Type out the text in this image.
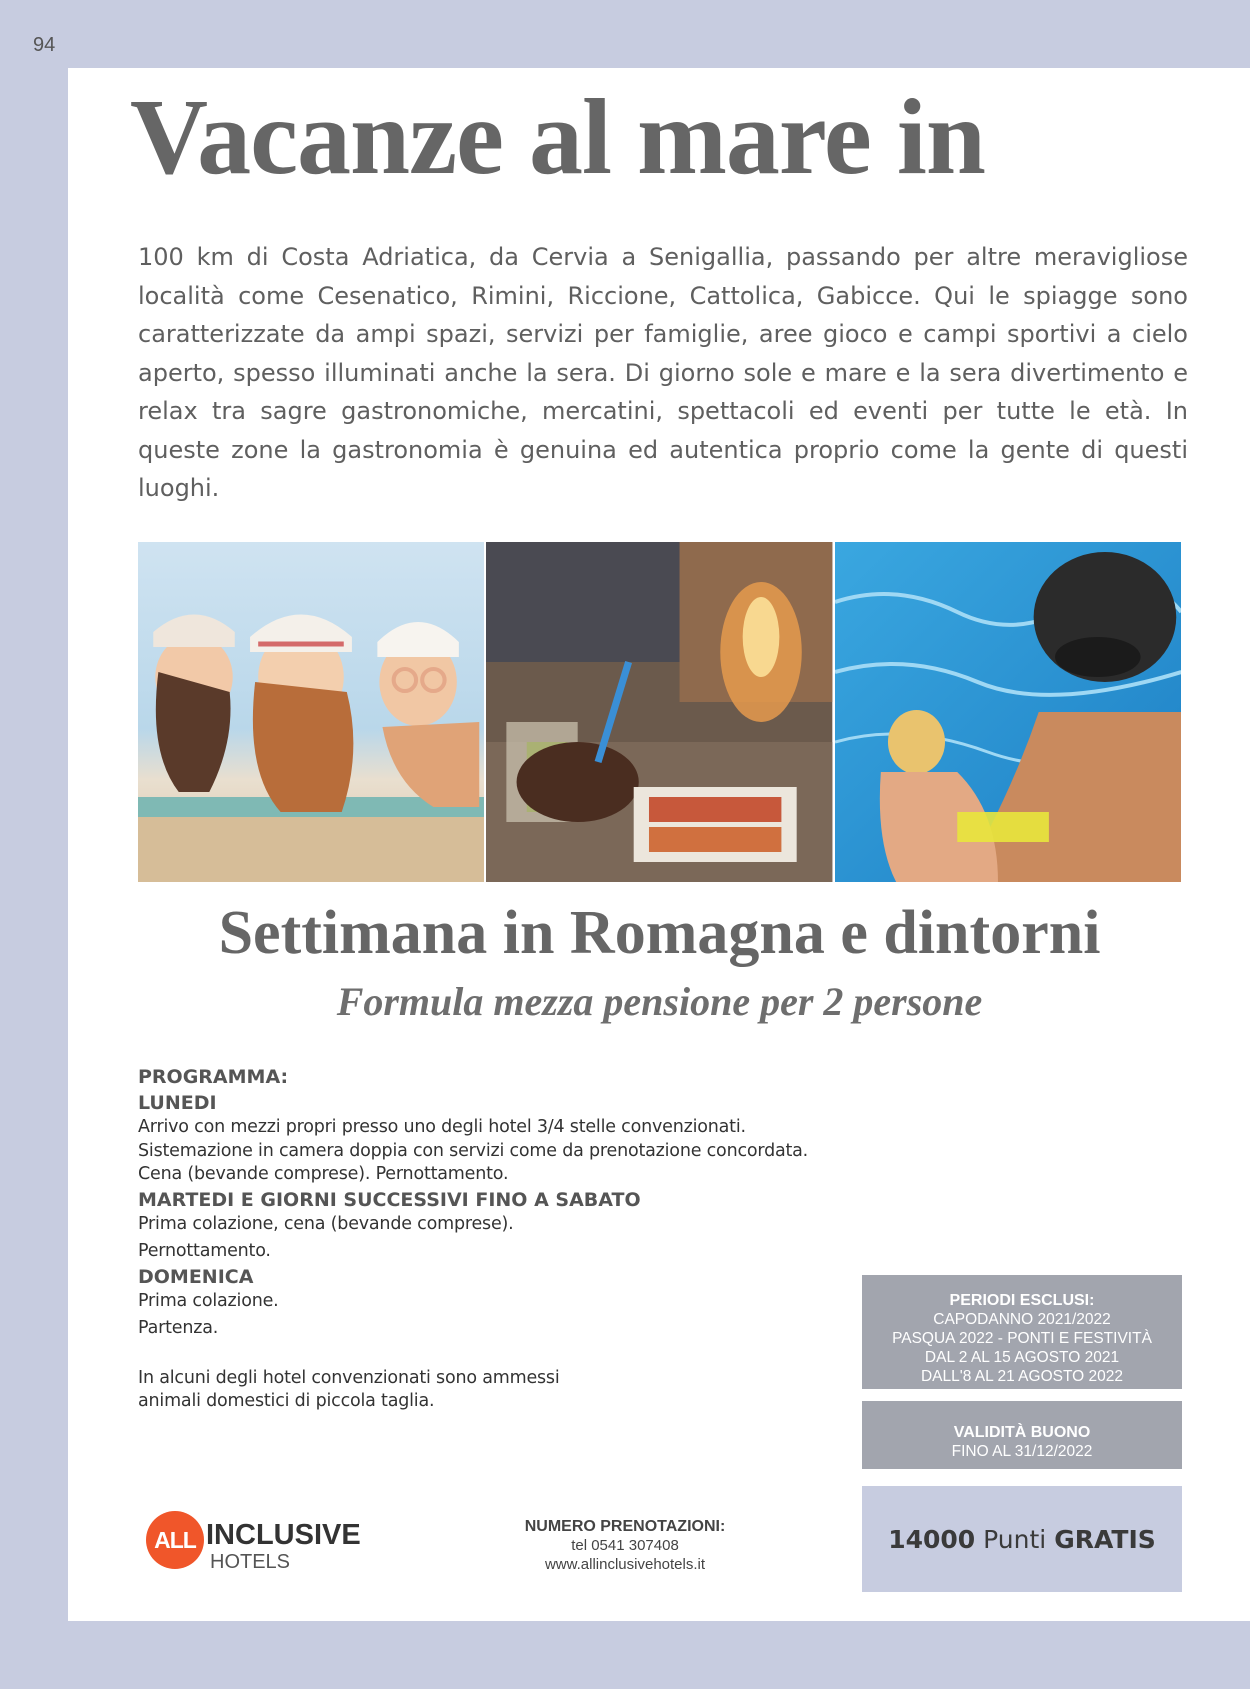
94
Vacanze al mare in
100 km di Costa Adriatica, da Cervia a Senigallia, passando per altre meravigliose località come Cesenatico, Rimini, Riccione, Cattolica, Gabicce. Qui le spiagge sono caratterizzate da ampi spazi, servizi per famiglie, aree gioco e campi sportivi a cielo aperto, spesso illuminati anche la sera. Di giorno sole e mare e la sera divertimento e relax tra sagre gastronomiche, mercatini, spettacoli ed eventi per tutte le età. In queste zone la gastronomia è genuina ed autentica proprio come la gente di questi luoghi.
Settimana in Romagna e dintorni
Formula mezza pensione per 2 persone
PROGRAMMA:
LUNEDI
Arrivo con mezzi propri presso uno degli hotel 3/4 stelle convenzionati.
Sistemazione in camera doppia con servizi come da prenotazione concordata.
Cena (bevande comprese). Pernottamento.
MARTEDI E GIORNI SUCCESSIVI FINO A SABATO
Prima colazione, cena (bevande comprese).
Pernottamento.
DOMENICA
Prima colazione.
Partenza.
In alcuni degli hotel convenzionati sono ammessi
animali domestici di piccola taglia.
PERIODI ESCLUSI:
CAPODANNO 2021/2022
PASQUA 2022 - PONTI E FESTIVITÀ
DAL 2 AL 15 AGOSTO 2021
DALL'8 AL 21 AGOSTO 2022
VALIDITÀ BUONO
FINO AL 31/12/2022
14000 Punti GRATIS
ALL INCLUSIVE
HOTELS
NUMERO PRENOTAZIONI:
tel 0541 307408
www.allinclusivehotels.it
